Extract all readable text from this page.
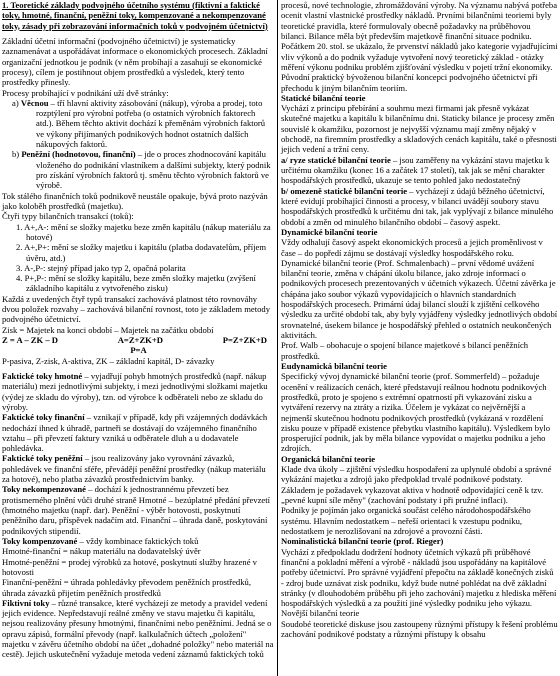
1. Teoretické základy podvojného účetního systému (fiktivní a faktické toky, hmotné, finanční, peněžní toky, kompenzované a nekompenzované toky, zásady při zobrazování informačních toků v podvojném účetnictví)

Základní účetní informační (podvojného účetnictví) je systematicky zaznamenávat a uspořádávat informace o ekonomických procesech. Základní organizační jednotkou je podnik (v něm probíhají a zasahují se ekonomické procesy), cílem je postihnout objem prostředků a výsledek, který tento prostředky přinesly.

Procesy probíhající v podnikání uží dvě stránky:

a) Věcnou – tří hlavní aktivity zásobování (nákup), výroba a prodej, toto rozptýlení pro výrobní potřeba (o ostatních výrobních faktorech atd.). Během těchto aktivit dochází k přeměnám výrobních faktorů ve výkony přijímaných podnikových hodnot ostatních dalších nákupových faktorů.

b) Peněžní (hodnotovou, finanční) – jde o proces zhodnocování kapitálu vloženého do podnikání vlastníkem a dalšími subjekty, který podnik pro získání výrobních faktorů tj. směnu těchto výrobních faktorů ve výrobě.

Tok stálého finančních toků podnikově neustále opakuje, bývá proto nazýván jako koloběh prostředků (majetku).

Čtyři typy bilančních transakcí (toků):

1. A+,A-: mění se složky majetku beze změn kapitálu (nákup materiálu za hotové)

2. A+,P+: mění se složky majetku i kapitálu (platba dodavatelům, příjem úvěru, atd.)

3. A-,P-: stejný případ jako typ 2, opačná polarita

4. P+,P-: mění se složky kapitálu, beze změn složky majetku (zvýšení základního kapitálu z vytvořeného zisku)

Každá z uvedených čtyř typů transakcí zachovává platnost této rovnováhy dvou položek rozvahy – zachovává bilanční rovnost, toto je základem metody podvojného účetnictví.

Zisk = Majetek na konci období – Majetek na začátku období

Z = A – ZK – D	A=Z+ZK+D	P=Z+ZK+D

P=A

P-pasiva, Z-zisk, A-aktiva, ZK – základní kapitál, D- závazky

Faktické toky hmotné – vyjadřují pohyb hmotných prostředků (např. nákup materiálu) mezi jednotlivými subjekty, i mezi jednotlivými složkami majetku (výdej ze skladu do výroby), tzn. od výrobce k odběrateli nebo ze skladu do výroby.

Faktické toky finanční – vznikají v případě, kdy při vzájemných dodávkách nedochází ihned k úhradě, partneři se dostávají do vzájemného finančního vztahu – při převzetí faktury vzniká u odběratele dluh a u dodavatele pohledávka.

Faktické toky peněžní – jsou realizovány jako vyrovnání závazků, pohledávek ve finanční sféře, převádějí peněžní prostředky (nákup materiálu za hotové), nebo platba závazků prostřednictvím banky.

Toky nekompenzované – dochází k jednostrannému převzetí bez protismerného plnění vůči druhé straně Hmotné – bezúplatné předání převzetí (hmotného majetku (např. dar). Peněžní - výběr hotovosti, poskytnutí peněžního daru, příspěvek nadačím atd. Finanční – úhrada daně, poskytování podnikových stipendií.

Toky kompenzované – vždy kombinace faktických toků

Hmotné-finanční = nákup materiálu na dodavatelský úvěr

Hmotné-peněžní = prodej výrobků za hotové, poskytnutí služby hrazené v hotovosti

Finanční-peněžní = úhrada pohledávky převodem peněžních prostředků, úhrada závazků přijetím peněžních prostředků

Fiktivní toky – různé transakce, které vycházejí ze metody a pravidel vedení jejich evidence. Nepředstavují reálné změny ve stavu majetku či kapitálu, nejsou realizovány přesuny hmotnými, finančními nebo peněžními. Jedná se o opravu zápisů, formální převody (např. kalkulačních účtech „položení" majetku v závěru účetního období na účet „dohadné položky" nebo materiál na cestě). Jejich uskutečnění vyžaduje metoda vedení záznamů faktických toků

procesů, nové technologie, zhromáždování výroby. Na významu nabývá potřeba ocenit vlastní vlastnické prostředky nákladů. Prvními bilančními teoriemi byly teoretické pravidla, které formulovaly obecně požadavky na průběhovou bilanci. Bilance měla být především majetkově finanční situace podniku.

Počátkem 20. stol. se ukázalo, že prvenství nákladů jako kategorie vyjadřujícími vliv výkonů a do podnik vyžaduje vytvoření nový teoretický základ - otázky měření výkonu podniku problém zjišťování výsledku v pojetí tržní ekonomiky.

Původní praktický bývoženou bilanční koncepci podvojného účetnictví při přechodu k jiným bilančním teoriím.

Statické bilanční teorie

Vychází z principu přebírání a souhrnu mezi firmami jak přesně vykázat skutečné majetku a kapitálu k bilančnímu dni. Staticky bilance je procesy změn souvislé k okamžiku, pozornost je nejvyšší významu mají změny nějaký v obchodě, na firemním prostředky a skladových cenách kapitálu, také o přesnosti jejich vedení a tržní ceny.

a/ ryze statické bilanční teorie – jsou zaměřeny na vykázání stavu majetku k určitému okamžiku (konec 16 a začátek 17 století), tak jak se mění charakter hospodářských prostředků, ukazuje se tento pohled jako nedostatečný

b/ omezeně statické bilanční teorie – vycházejí z údajů běžného účetnictví, které evidují probíhající činnosti a procesy, v bilanci uvádějí soubory stavu hospodářských prostředků k určitému dni tak, jak vyplývají z bilance minulého období a změn od minulého bilančního období – časový aspekt.

Dynamické bilanční teorie

Vždy odhalují časový aspekt ekonomických procesů a jejich proměnlivost v čase – do popředí zájmu se dostávají výsledky hospodářského roku.

Dynamické bilanční teorie (Prof. Schmalenbach) – první vědomé uvážení bilanční teorie, změna v chápání úkolu bilance, jako zdroje informací o podnikových procesech prezentovaných v účetních výkazech. Účetní závěrka je chápána jako soubor výkazů vypovídajících o hlavních standardních hospodářských procesech. Primární údaj bilancí slouží k zjištění celkového výsledku za určité období tak, aby byly vyjádřeny výsledky jednotlivých období srovnatelné, úsekem bilance je hospodářský přehled o ostatních neukončených aktivitách.

Prof. Walb – obohacuje o spojení bilance majetkové s bilancí peněžních prostředků.

Eudynamická bilanční teorie

Specifický vývoj dynamické bilanční teorie (prof. Sommerfeld) – požaduje ocenění v reálizacích cenách, které představují reálnou hodnotu podnikových prostředků, proto je spojeno s extrémní opatrností při vykazování zisku a vytváření rezervy na ztráty a rizika. Účelem je vykázat co nejvěrnější a nejmenší skutečnou hodnotu podnikových prostředků (vykázaná v rozdělení zisku pouze v případě existence přebytku vlastního kapitálu). Výsledkem bylo prosperující podnik, jak by měla bilance vypovídat o majetku podniku a jeho zdrojích.

Organická bilanční teorie

Klade dva úkoly – zjištění výsledku hospodaření za uplynulé období a správné vykázání majetku a zdrojů jako předpoklad trvalé podnikové podstaty. Základem je požadavek vykazovat aktiva v hodnotě odpovídající ceně k tzv. „pevné kupní síle měny" (zachování podstaty i při pružné inflaci).

Podniky je pojímán jako organická součást celého národohospodářského systému. Hlavním nedostatkem – neřeší orientaci k vzestupu podniku, nedostatkem je nerozlišovaní na zdrojové a provozní části.

Nominalistická bilanční teorie (prof. Rieger)

Vychází z předpokladu dodržení hodnoty účetních výkazů při průběhové finanční a pokladní měření a výrobě - nákladů jsou uspořádány na kapitálové potřeby účetnictví. Pro správné vyjádření přepočtu na základě konečných zisků - zdroj bude uznávat zisk podniku, když bude nutné pohlédat na dvě základní stránky (v dlouhodobém průběhu při jeho zachování) majetku z hlediska měření hospodářských výsledků a za použití jiné výsledky podniku jeho výkazu.

Novější bilanční teorie

Soudobé teoretické diskuse jsou zastoupeny různými přístupy k řešení problému zachování podnikové podstaty a různými přístupy k obsahu
